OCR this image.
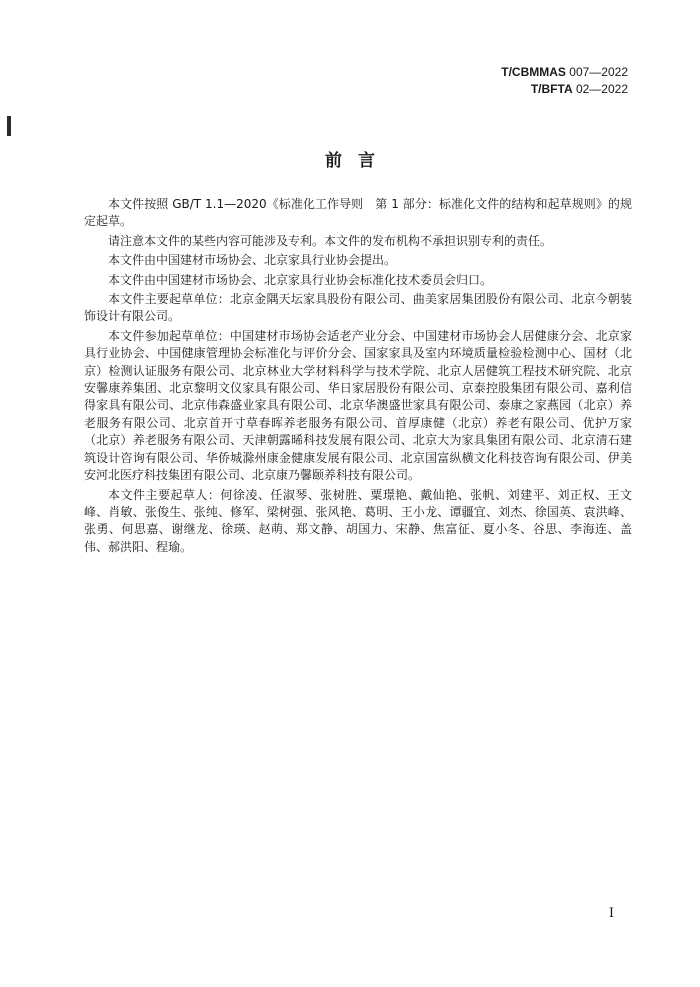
T/CBMMAS 007—2022
T/BFTA 02—2022
前言

本文件按照 GB/T 1.1—2020《标准化工作导则　第 1 部分：标准化文件的结构和起草规则》的规定起草。

请注意本文件的某些内容可能涉及专利。本文件的发布机构不承担识别专利的责任。

本文件由中国建材市场协会、北京家具行业协会提出。

本文件由中国建材市场协会、北京家具行业协会标准化技术委员会归口。

本文件主要起草单位：北京金隅天坛家具股份有限公司、曲美家居集团股份有限公司、北京今朝装饰设计有限公司。

本文件参加起草单位：中国建材市场协会适老产业分会、中国建材市场协会人居健康分会、北京家具行业协会、中国健康管理协会标准化与评价分会、国家家具及室内环境质量检验检测中心、国材（北京）检测认证服务有限公司、北京林业大学材料科学与技术学院、北京人居健筑工程技术研究院、北京安馨康养集团、北京黎明文仪家具有限公司、华日家居股份有限公司、京泰控股集团有限公司、嘉利信得家具有限公司、北京伟森盛业家具有限公司、北京华澳盛世家具有限公司、泰康之家燕园（北京）养老服务有限公司、北京首开寸草春晖养老服务有限公司、首厚康健（北京）养老有限公司、优护万家（北京）养老服务有限公司、天津朝露晞科技发展有限公司、北京大为家具集团有限公司、北京清石建筑设计咨询有限公司、华侨城滁州康金健康发展有限公司、北京国富纵横文化科技咨询有限公司、伊美安河北医疗科技集团有限公司、北京康乃馨颐养科技有限公司。

本文件主要起草人：何徐凌、任淑琴、张树胜、粟璟艳、戴仙艳、张帆、刘建平、刘正权、王文峰、肖敏、张俊生、张纯、修军、梁树强、张风艳、葛明、王小龙、谭疆宜、刘杰、徐国英、袁洪峰、张勇、何思嘉、谢继龙、徐瑛、赵萌、郑文静、胡国力、宋静、焦富征、夏小冬、谷思、李海连、盖伟、郝洪阳、程瑜。

I
